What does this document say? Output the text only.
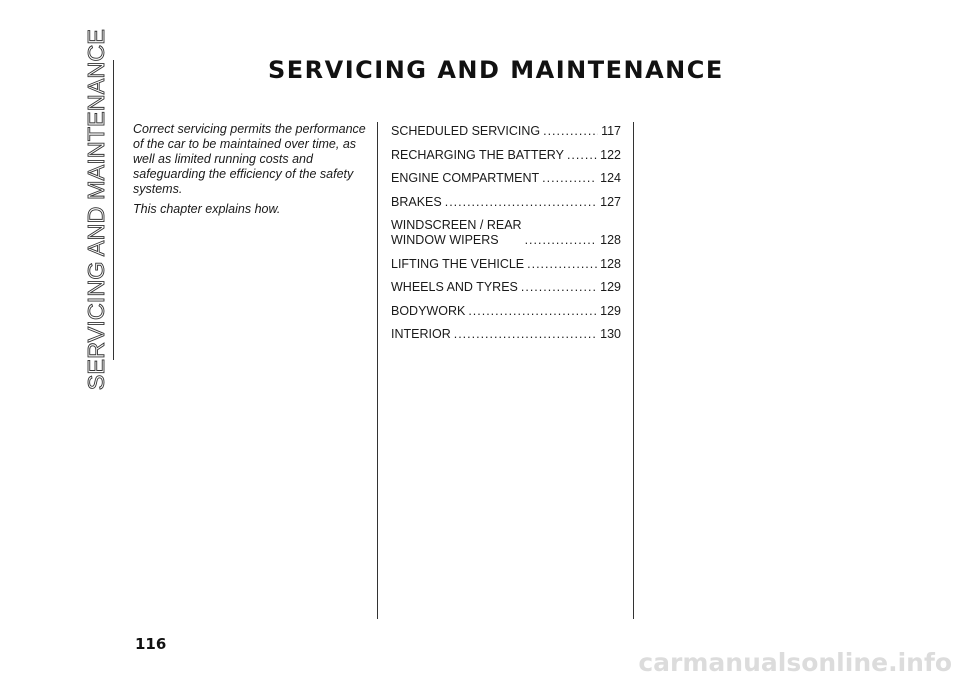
SERVICING AND MAINTENANCE	SERVICING AND MAINTENANCE

Correct servicing permits the performance of the car to be maintained over time, as well as limited running costs and safeguarding the efficiency of the safety systems.

This chapter explains how.

SCHEDULED SERVICING .....	117
RECHARGING THE BATTERY .....	122
ENGINE COMPARTMENT .....	124
BRAKES .....	127
WINDSCREEN / REAR
WINDOW WIPERS .....	128
LIFTING THE VEHICLE .....	128
WHEELS AND TYRES .....	129
BODYWORK .....	129
INTERIOR .....	130
116
carmanualsonline.info
